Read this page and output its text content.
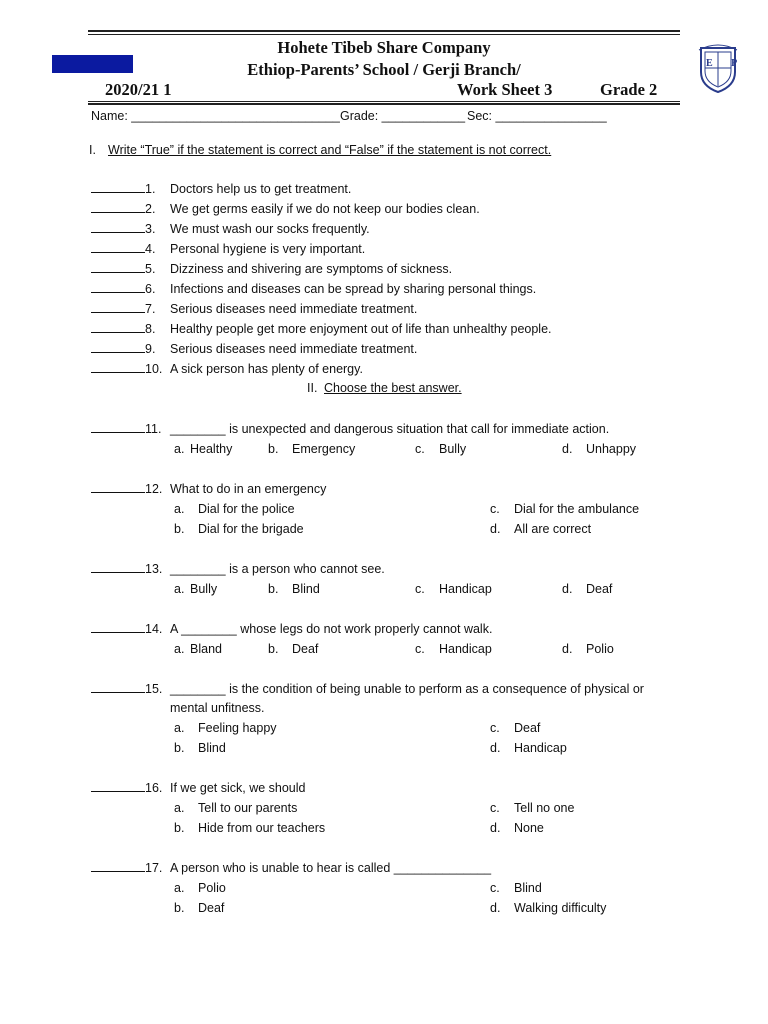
Hohete Tibeb Share Company
Ethiop-Parents’ School / Gerji Branch/
2020/21 1	Work Sheet 3	Grade 2
E P
Name: ______________________________ Grade: ____________ Sec: ________________
I. Write “True” if the statement is correct and “False” if the statement is not correct.
1. Doctors help us to get treatment.
2. We get germs easily if we do not keep our bodies clean.
3. We must wash our socks frequently.
4. Personal hygiene is very important.
5. Dizziness and shivering are symptoms of sickness.
6. Infections and diseases can be spread by sharing personal things.
7. Serious diseases need immediate treatment.
8. Healthy people get more enjoyment out of life than unhealthy people.
9. Serious diseases need immediate treatment.
10. A sick person has plenty of energy.
II. Choose the best answer.
11. ________ is unexpected and dangerous situation that call for immediate action.
a. Healthy	b. Emergency	c. Bully	d. Unhappy
12. What to do in an emergency
a. Dial for the police
b. Dial for the brigade
c. Dial for the ambulance
d. All are correct
13. ________ is a person who cannot see.
a. Bully	b. Blind	c. Handicap	d. Deaf
14. A ________ whose legs do not work properly cannot walk.
a. Bland	b. Deaf	c. Handicap	d. Polio
15. ________ is the condition of being unable to perform as a consequence of physical or
mental unfitness.
a. Feeling happy
b. Blind
c. Deaf
d. Handicap
16. If we get sick, we should
a. Tell to our parents
b. Hide from our teachers
c. Tell no one
d. None
17. A person who is unable to hear is called ______________
a. Polio
b. Deaf
c. Blind
d. Walking difficulty
